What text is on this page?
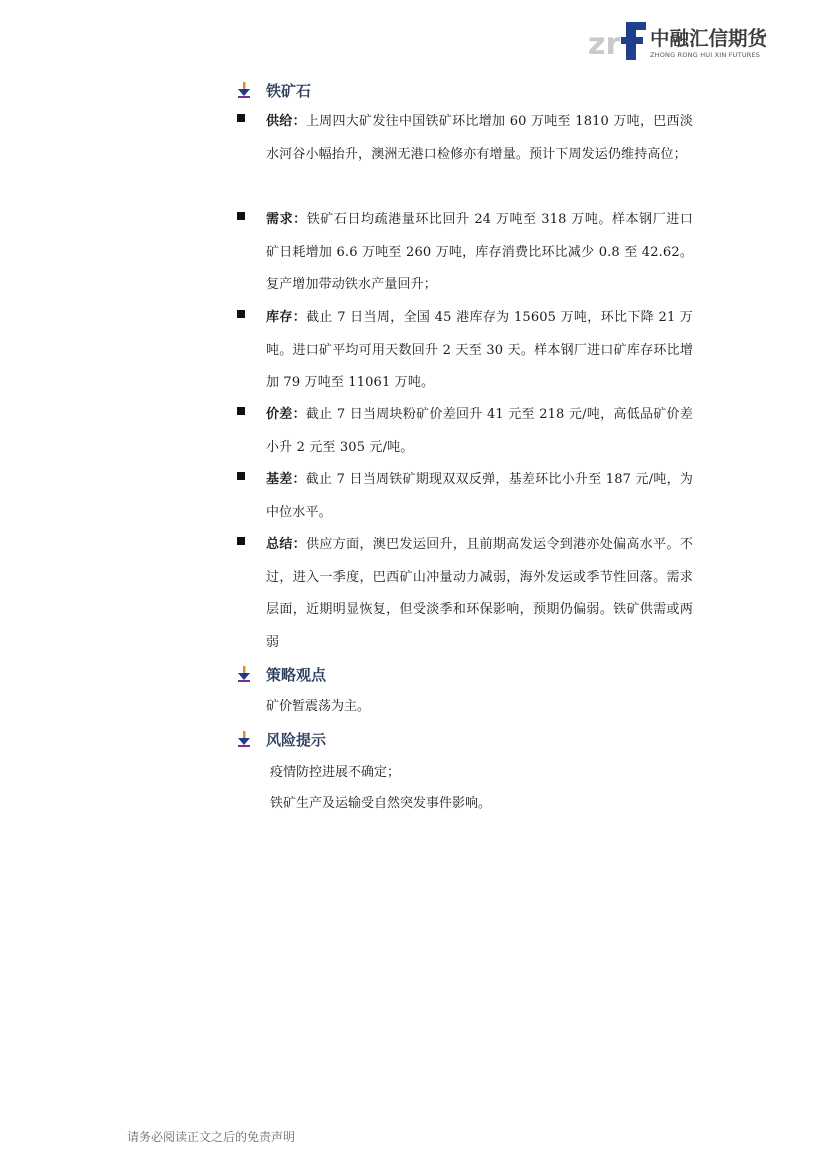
zr 中融汇信期货
ZHONG RONG HUI XIN FUTURES
铁矿石
供给：上周四大矿发往中国铁矿环比增加 60 万吨至 1810 万吨，巴西淡水河谷小幅抬升，澳洲无港口检修亦有增量。预计下周发运仍维持高位；
需求：铁矿石日均疏港量环比回升 24 万吨至 318 万吨。样本钢厂进口矿日耗增加 6.6 万吨至 260 万吨，库存消费比环比减少 0.8 至 42.62。复产增加带动铁水产量回升；
库存：截止 7 日当周，全国 45 港库存为 15605 万吨，环比下降 21 万吨。进口矿平均可用天数回升 2 天至 30 天。样本钢厂进口矿库存环比增加 79 万吨至 11061 万吨。
价差：截止 7 日当周块粉矿价差回升 41 元至 218 元/吨，高低品矿价差小升 2 元至 305 元/吨。
基差：截止 7 日当周铁矿期现双双反弹，基差环比小升至 187 元/吨，为中位水平。
总结：供应方面，澳巴发运回升，且前期高发运令到港亦处偏高水平。不过，进入一季度，巴西矿山冲量动力减弱，海外发运或季节性回落。需求层面，近期明显恢复，但受淡季和环保影响，预期仍偏弱。铁矿供需或两弱
策略观点
矿价暂震荡为主。
风险提示
疫情防控进展不确定；
铁矿生产及运输受自然突发事件影响。
请务必阅读正文之后的免责声明
